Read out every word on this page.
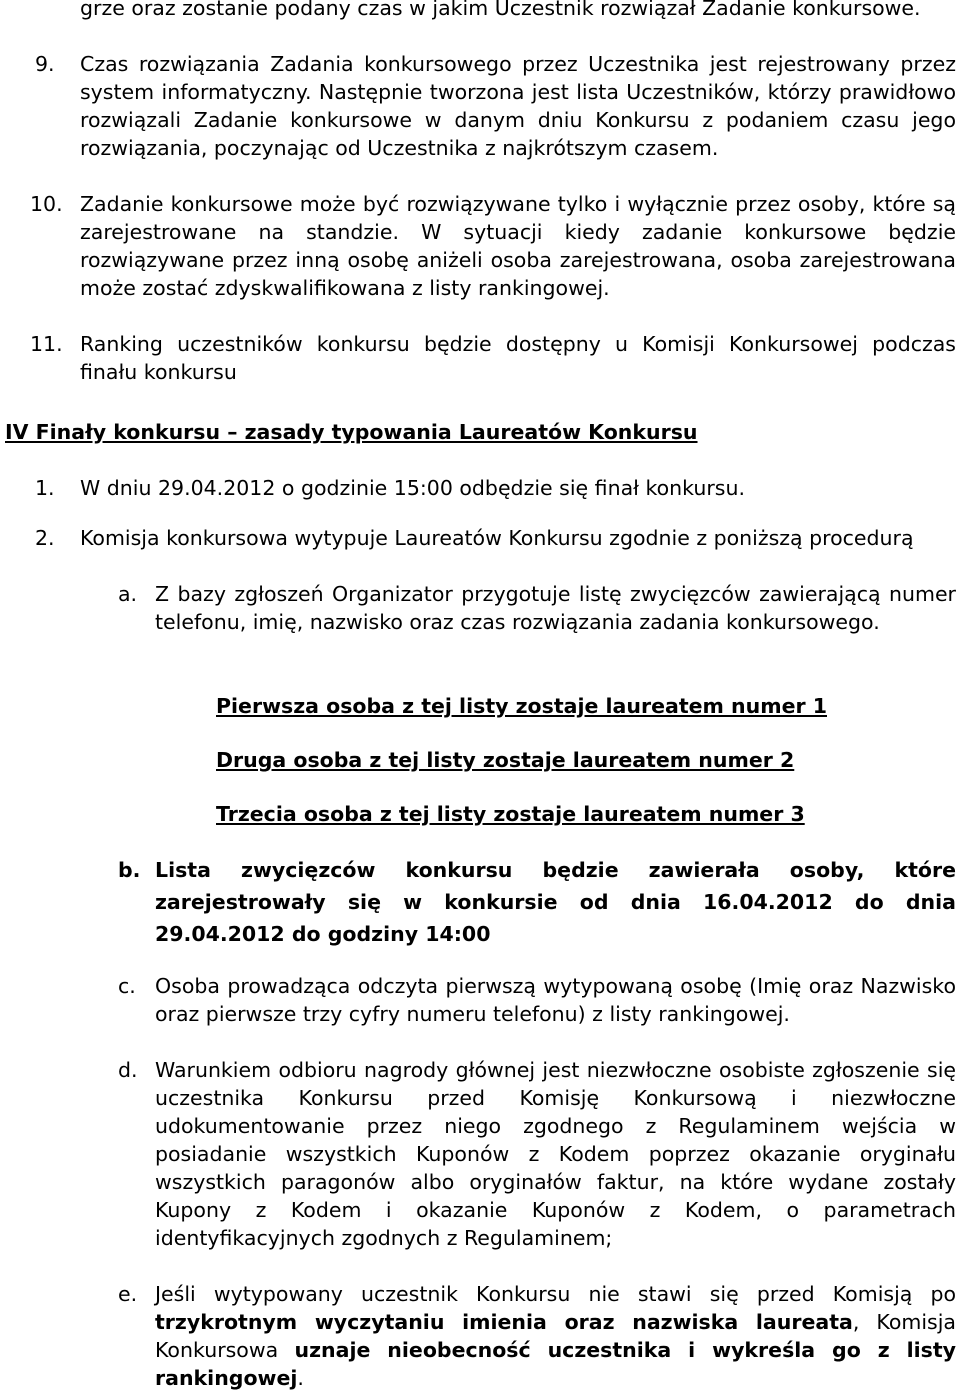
grze oraz zostanie podany czas w jakim Uczestnik rozwiązał Zadanie konkursowe.
9. Czas rozwiązania Zadania konkursowego przez Uczestnika jest rejestrowany przez system informatyczny. Następnie tworzona jest lista Uczestników, którzy prawidłowo rozwiązali Zadanie konkursowe w danym dniu Konkursu z podaniem czasu jego rozwiązania, poczynając od Uczestnika z najkrótszym czasem.
10. Zadanie konkursowe może być rozwiązywane tylko i wyłącznie przez osoby, które są zarejestrowane na standzie. W sytuacji kiedy zadanie konkursowe będzie rozwiązywane przez inną osobę aniżeli osoba zarejestrowana, osoba zarejestrowana może zostać zdyskwalifikowana z listy rankingowej.
11. Ranking uczestników konkursu będzie dostępny u Komisji Konkursowej podczas finału konkursu
IV Finały konkursu – zasady typowania Laureatów Konkursu
1. W dniu 29.04.2012 o godzinie 15:00 odbędzie się finał konkursu.
2. Komisja konkursowa wytypuje Laureatów Konkursu zgodnie z poniższą procedurą
a. Z bazy zgłoszeń Organizator przygotuje listę zwycięzców zawierającą numer telefonu, imię, nazwisko oraz czas rozwiązania zadania konkursowego.
Pierwsza osoba z tej listy zostaje laureatem numer 1
Druga osoba z tej listy zostaje laureatem numer 2
Trzecia osoba z tej listy zostaje laureatem numer 3
b. Lista zwycięzców konkursu będzie zawierała osoby, które zarejestrowały się w konkursie od dnia 16.04.2012 do dnia 29.04.2012 do godziny 14:00
c. Osoba prowadząca odczyta pierwszą wytypowaną osobę (Imię oraz Nazwisko oraz pierwsze trzy cyfry numeru telefonu) z listy rankingowej.
d. Warunkiem odbioru nagrody głównej jest niezwłoczne osobiste zgłoszenie się uczestnika Konkursu przed Komisję Konkursową i niezwłoczne udokumentowanie przez niego zgodnego z Regulaminem wejścia w posiadanie wszystkich Kuponów z Kodem poprzez okazanie oryginału wszystkich paragonów albo oryginałów faktur, na które wydane zostały Kupony z Kodem i okazanie Kuponów z Kodem, o parametrach identyfikacyjnych zgodnych z Regulaminem;
e. Jeśli wytypowany uczestnik Konkursu nie stawi się przed Komisją po trzykrotnym wyczytaniu imienia oraz nazwiska laureata, Komisja Konkursowa uznaje nieobecność uczestnika i wykreśla go z listy rankingowej.
